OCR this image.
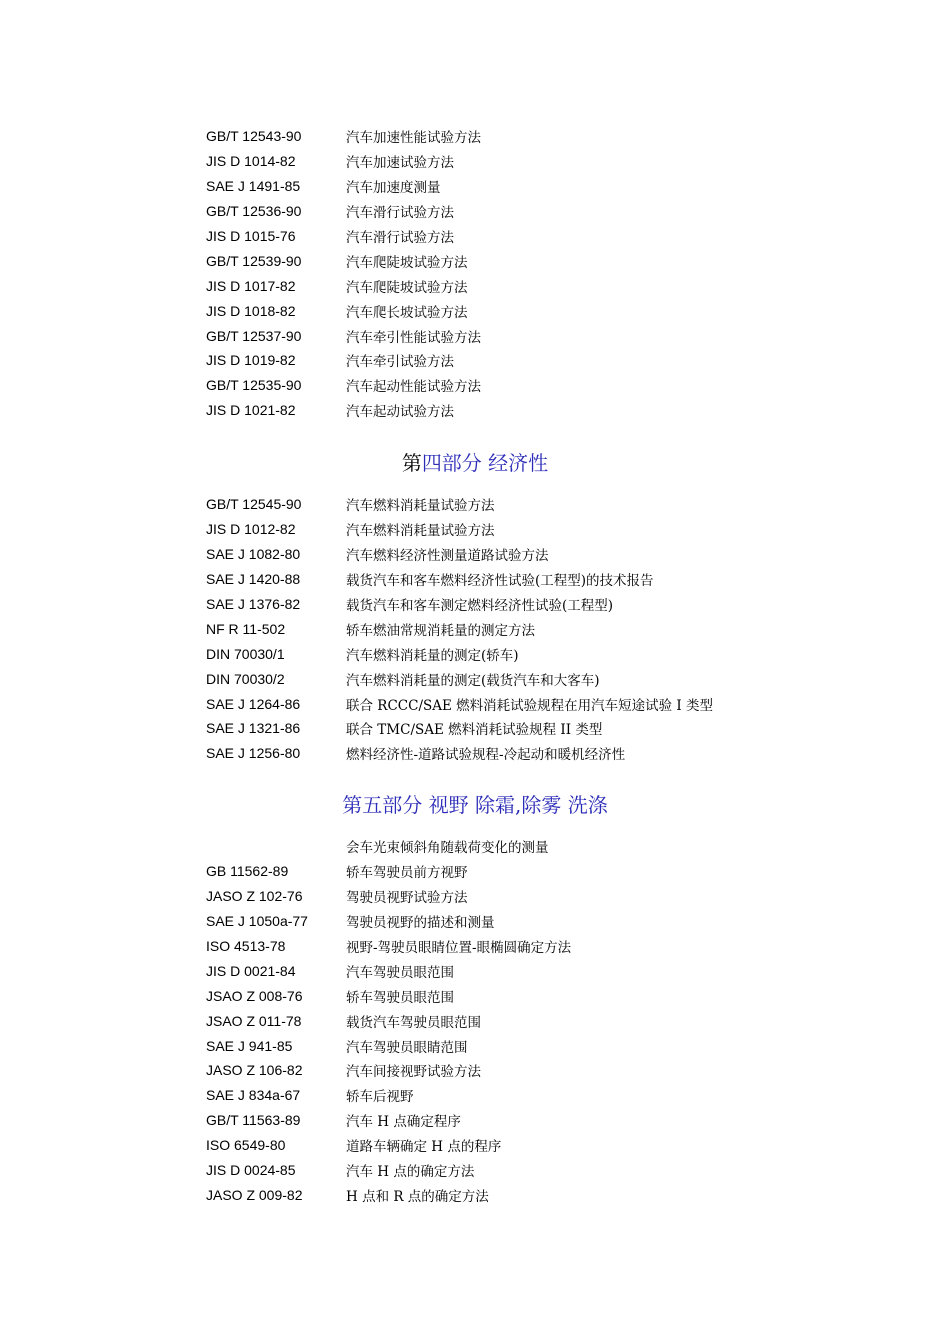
GB/T 12543-90	汽车加速性能试验方法
JIS D 1014-82	汽车加速试验方法
SAE J 1491-85	汽车加速度测量
GB/T 12536-90	汽车滑行试验方法
JIS D 1015-76	汽车滑行试验方法
GB/T 12539-90	汽车爬陡坡试验方法
JIS D 1017-82	汽车爬陡坡试验方法
JIS D 1018-82	汽车爬长坡试验方法
GB/T 12537-90	汽车牵引性能试验方法
JIS D 1019-82	汽车牵引试验方法
GB/T 12535-90	汽车起动性能试验方法
JIS D 1021-82	汽车起动试验方法
第四部分 经济性
GB/T 12545-90	汽车燃料消耗量试验方法
JIS D 1012-82	汽车燃料消耗量试验方法
SAE J 1082-80	汽车燃料经济性测量道路试验方法
SAE J 1420-88	载货汽车和客车燃料经济性试验(工程型)的技术报告
SAE J 1376-82	载货汽车和客车测定燃料经济性试验(工程型)
NF R 11-502	轿车燃油常规消耗量的测定方法
DIN 70030/1	汽车燃料消耗量的测定(轿车)
DIN 70030/2	汽车燃料消耗量的测定(载货汽车和大客车)
SAE J 1264-86	联合 RCCC/SAE 燃料消耗试验规程在用汽车短途试验 I 类型
SAE J 1321-86	联合 TMC/SAE 燃料消耗试验规程 II 类型
SAE J 1256-80	燃料经济性-道路试验规程-冷起动和暖机经济性
第五部分 视野 除霜,除雾 洗涤
会车光束倾斜角随载荷变化的测量
GB 11562-89	轿车驾驶员前方视野
JASO Z 102-76	驾驶员视野试验方法
SAE J 1050a-77	驾驶员视野的描述和测量
ISO 4513-78	视野-驾驶员眼睛位置-眼椭圆确定方法
JIS D 0021-84	汽车驾驶员眼范围
JSAO Z 008-76	轿车驾驶员眼范围
JSAO Z 011-78	载货汽车驾驶员眼范围
SAE J 941-85	汽车驾驶员眼睛范围
JASO Z 106-82	汽车间接视野试验方法
SAE J 834a-67	轿车后视野
GB/T 11563-89	汽车 H 点确定程序
ISO 6549-80	道路车辆确定 H 点的程序
JIS D 0024-85	汽车 H 点的确定方法
JASO Z 009-82	H 点和 R 点的确定方法
